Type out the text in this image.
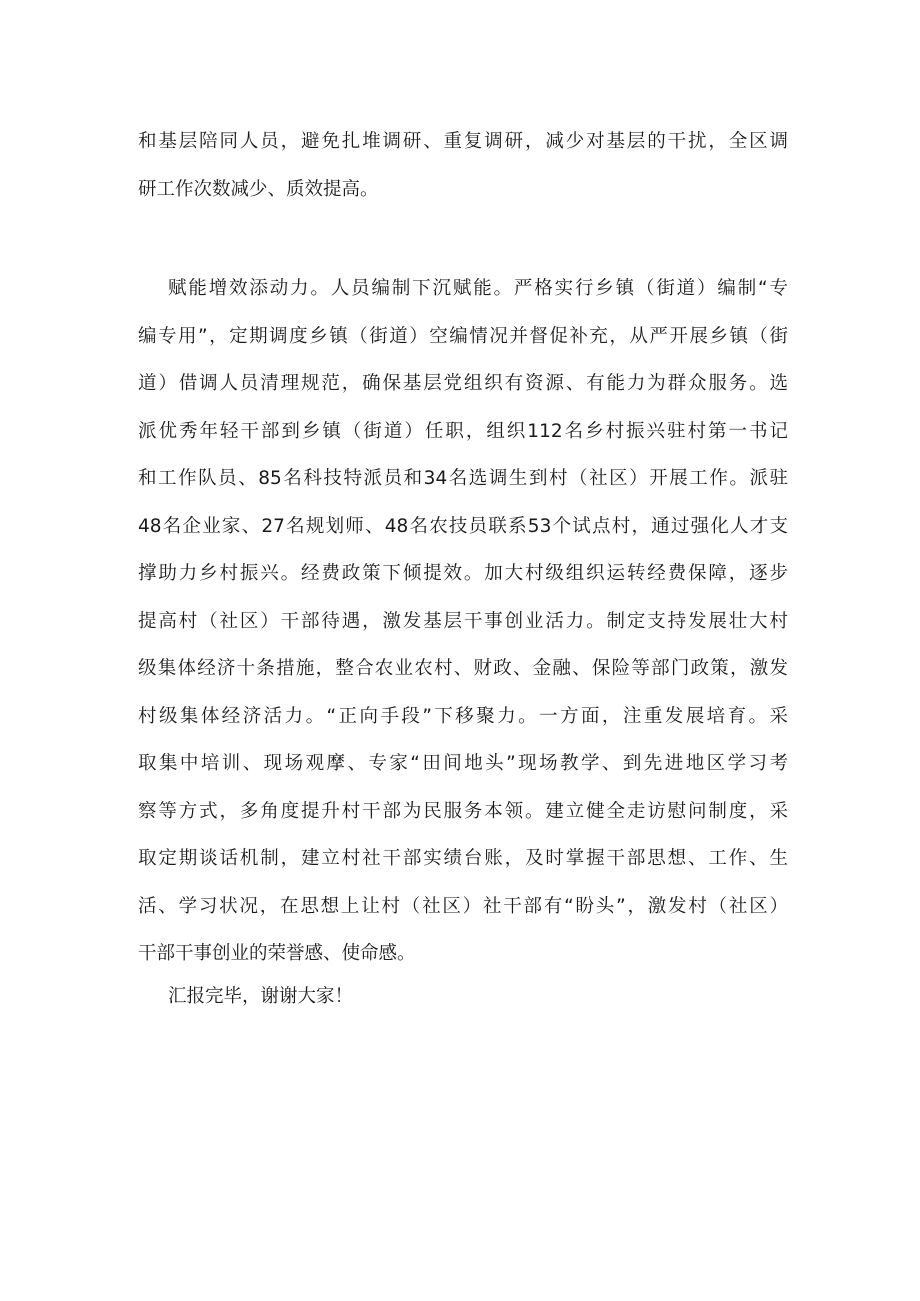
和基层陪同人员，避免扎堆调研、重复调研，减少对基层的干扰，全区调
研工作次数减少、质效提高。
赋能增效添动力。人员编制下沉赋能。严格实行乡镇（街道）编制“专
编专用”，定期调度乡镇（街道）空编情况并督促补充，从严开展乡镇（街
道）借调人员清理规范，确保基层党组织有资源、有能力为群众服务。选
派优秀年轻干部到乡镇（街道）任职，组织112名乡村振兴驻村第一书记
和工作队员、85名科技特派员和34名选调生到村（社区）开展工作。派驻
48名企业家、27名规划师、48名农技员联系53个试点村，通过强化人才支
撑助力乡村振兴。经费政策下倾提效。加大村级组织运转经费保障，逐步
提高村（社区）干部待遇，激发基层干事创业活力。制定支持发展壮大村
级集体经济十条措施，整合农业农村、财政、金融、保险等部门政策，激发
村级集体经济活力。“正向手段”下移聚力。一方面，注重发展培育。采
取集中培训、现场观摩、专家“田间地头”现场教学、到先进地区学习考
察等方式，多角度提升村干部为民服务本领。建立健全走访慰问制度，采
取定期谈话机制，建立村社干部实绩台账，及时掌握干部思想、工作、生
活、学习状况，在思想上让村（社区）社干部有“盼头”，激发村（社区）
干部干事创业的荣誉感、使命感。
汇报完毕，谢谢大家！
